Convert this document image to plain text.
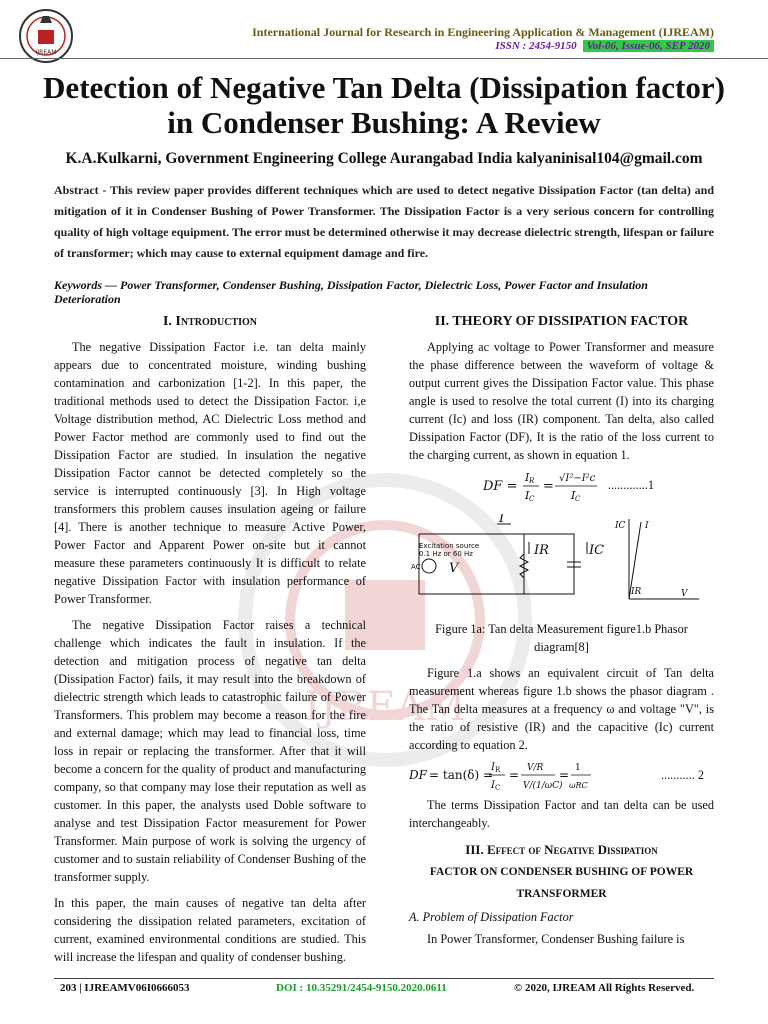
IJREAM
International Journal for Research in Engineering Application & Management (IJREAM)
ISSN : 2454-9150 Vol-06, Issue-06, SEP 2020
IJREAM
Detection of Negative Tan Delta (Dissipation factor) in Condenser Bushing: A Review
K.A.Kulkarni, Government Engineering College Aurangabad India kalyaninisal104@gmail.com
Abstract - This review paper provides different techniques which are used to detect negative Dissipation Factor (tan delta) and mitigation of it in Condenser Bushing of Power Transformer. The Dissipation Factor is a very serious concern for controlling quality of high voltage equipment. The error must be determined otherwise it may decrease dielectric strength, lifespan or failure of transformer; which may cause to external equipment damage and fire.
Keywords — Power Transformer, Condenser Bushing, Dissipation Factor, Dielectric Loss, Power Factor and Insulation Deterioration
I. Introduction

The negative Dissipation Factor i.e. tan delta mainly appears due to concentrated moisture, winding bushing contamination and carbonization [1-2]. In this paper, the traditional methods used to detect the Dissipation Factor. i,e Voltage distribution method, AC Dielectric Loss method and Power Factor method are commonly used to find out the Dissipation Factor are studied. In insulation the negative Dissipation Factor cannot be detected completely so the service is interrupted continuously [3]. In High voltage transformers this problem causes insulation ageing or failure [4]. There is another technique to measure Active Power, Power Factor and Apparent Power on-site but it cannot measure these parameters continuously It is difficult to relate negative Dissipation Factor with insulation performance of Power Transformer.

The negative Dissipation Factor raises a technical challenge which indicates the fault in insulation. If the detection and mitigation process of negative tan delta (Dissipation Factor) fails, it may result into the breakdown of dielectric strength which leads to catastrophic failure of Power Transformers. This problem may become a reason for the fire and external damage; which may lead to financial loss, time loss in repair or replacing the transformer. After that it will become a concern for the quality of product and manufacturing company, so that company may lose their reputation as well as customer. In this paper, the analysts used Doble software to analyse and test Dissipation Factor measurement for Power Transformer. Main purpose of work is solving the urgency of customer and to sustain reliability of Condenser Bushing of the transformer supply.

In this paper, the main causes of negative tan delta after considering the dissipation related parameters, excitation of current, examined environmental conditions are studied. This will increase the lifespan and quality of condenser bushing.

II. THEORY OF DISSIPATION FACTOR

Applying ac voltage to Power Transformer and measure the phase difference between the waveform of voltage & output current gives the Dissipation Factor value. This phase angle is used to resolve the total current (I) into its charging current (Ic) and loss (IR) component. Tan delta, also called Dissipation Factor (DF), It is the ratio of the loss current to the charging current, as shown in equation 1.

DF =
I R
I C
=
√I²−I²c
I C
.............1
Excitation source
0.1 Hz or 60 Hz
AC V
I
IR	IC
IC I
V
IR
Figure 1a: Tan delta Measurement figure1.b Phasor diagram[8]

Figure 1.a shows an equivalent circuit of Tan delta measurement whereas figure 1.b shows the phasor diagram . The Tan delta measures at a frequency ω and voltage "V", is the ratio of resistive (IR) and the capacitive (Ic) current according to equation 2.

DF = tan(δ) =
I R
I C
= V/R
V/(1/ωC)
= 1
ωRC
........... 2

The terms Dissipation Factor and tan delta can be used interchangeably.

III. Effect of Negative Dissipation
FACTOR ON CONDENSER BUSHING OF POWER
TRANSFORMER

A. Problem of Dissipation Factor

In Power Transformer, Condenser Bushing failure is

203 | IJREAMV06I0666053	DOI : 10.35291/2454-9150.2020.0611	© 2020, IJREAM All Rights Reserved.
